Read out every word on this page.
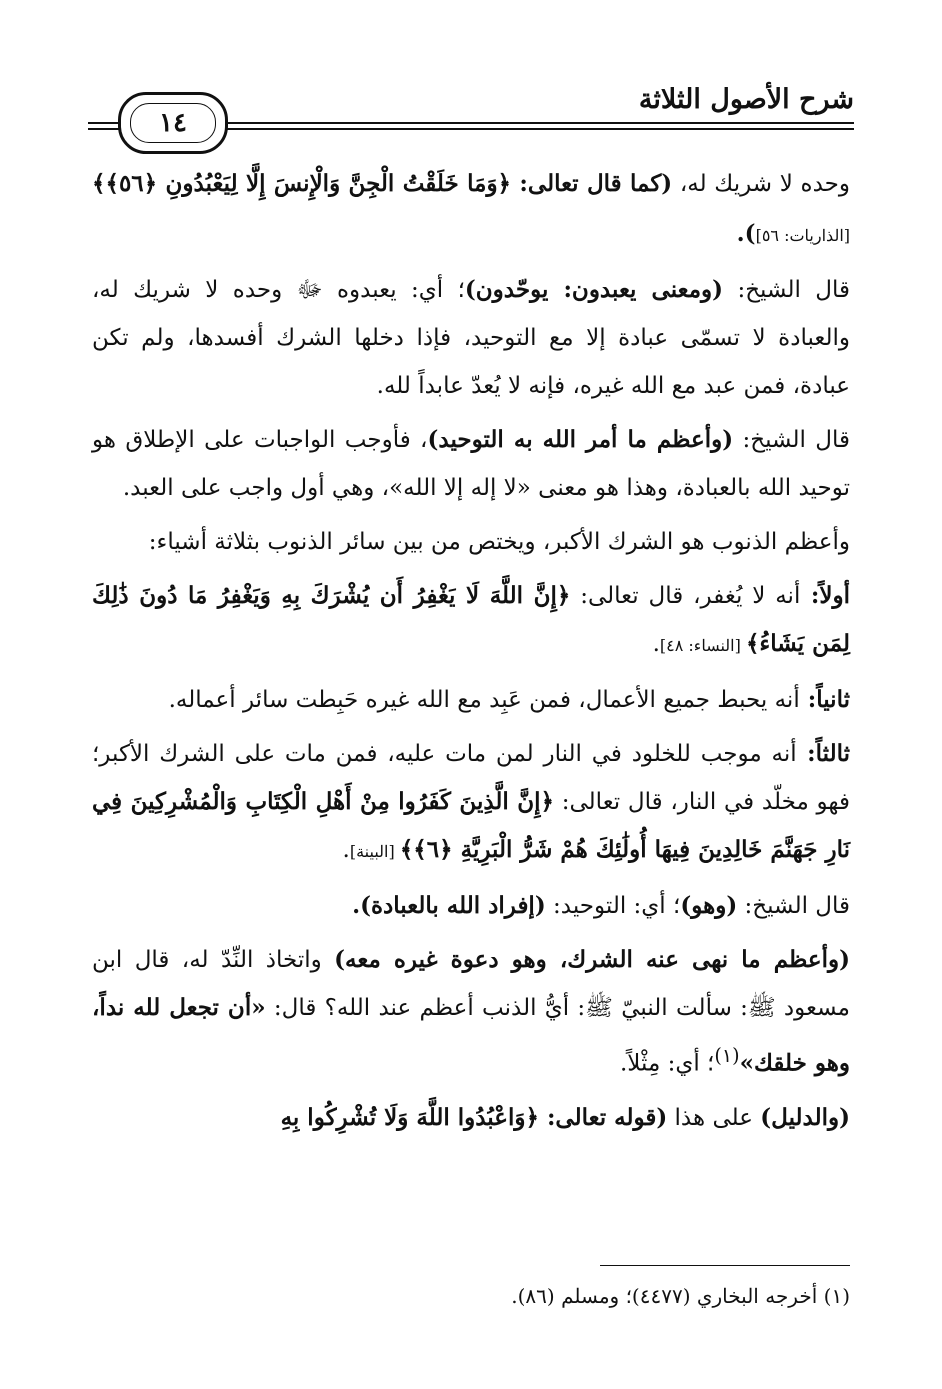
شرح الأصول الثلاثة
١٤

وحده لا شريك له، (كما قال تعالى: ﴿وَمَا خَلَقْتُ الْجِنَّ وَالْإِنسَ إِلَّا لِيَعْبُدُونِ ﴿٥٦﴾﴾ [الذاريات: ٥٦]).

قال الشيخ: (ومعنى يعبدون: يوحّدون)؛ أي: يعبدوه ﷻ وحده لا شريك له، والعبادة لا تسمّى عبادة إلا مع التوحيد، فإذا دخلها الشرك أفسدها، ولم تكن عبادة، فمن عبد مع الله غيره، فإنه لا يُعدّ عابداً لله.

قال الشيخ: (وأعظم ما أمر الله به التوحيد)، فأوجب الواجبات على الإطلاق هو توحيد الله بالعبادة، وهذا هو معنى «لا إله إلا الله»، وهي أول واجب على العبد.

وأعظم الذنوب هو الشرك الأكبر، ويختص من بين سائر الذنوب بثلاثة أشياء:

أولاً: أنه لا يُغفر، قال تعالى: ﴿إِنَّ اللَّهَ لَا يَغْفِرُ أَن يُشْرَكَ بِهِ وَيَغْفِرُ مَا دُونَ ذَٰلِكَ لِمَن يَشَاءُ﴾ [النساء: ٤٨].

ثانياً: أنه يحبط جميع الأعمال، فمن عَبِد مع الله غيره حَبِطت سائر أعماله.

ثالثاً: أنه موجب للخلود في النار لمن مات عليه، فمن مات على الشرك الأكبر؛ فهو مخلّد في النار، قال تعالى: ﴿إِنَّ الَّذِينَ كَفَرُوا مِنْ أَهْلِ الْكِتَابِ وَالْمُشْرِكِينَ فِي نَارِ جَهَنَّمَ خَالِدِينَ فِيهَا أُولَٰئِكَ هُمْ شَرُّ الْبَرِيَّةِ ﴿٦﴾﴾ [البينة].

قال الشيخ: (وهو)؛ أي: التوحيد: (إفراد الله بالعبادة).

(وأعظم ما نهى عنه الشرك، وهو دعوة غيره معه) واتخاذ النِّدّ له، قال ابن مسعود ﷺ: سألت النبيّ ﷺ: أيُّ الذنب أعظم عند الله؟ قال: «أن تجعل لله نداً، وهو خلقك»$^{(١)}$؛ أي: مِثْلاً.

(والدليل) على هذا (قوله تعالى: ﴿وَاعْبُدُوا اللَّهَ وَلَا تُشْرِكُوا بِهِ

(١) أخرجه البخاري (٤٤٧٧)؛ ومسلم (٨٦).
